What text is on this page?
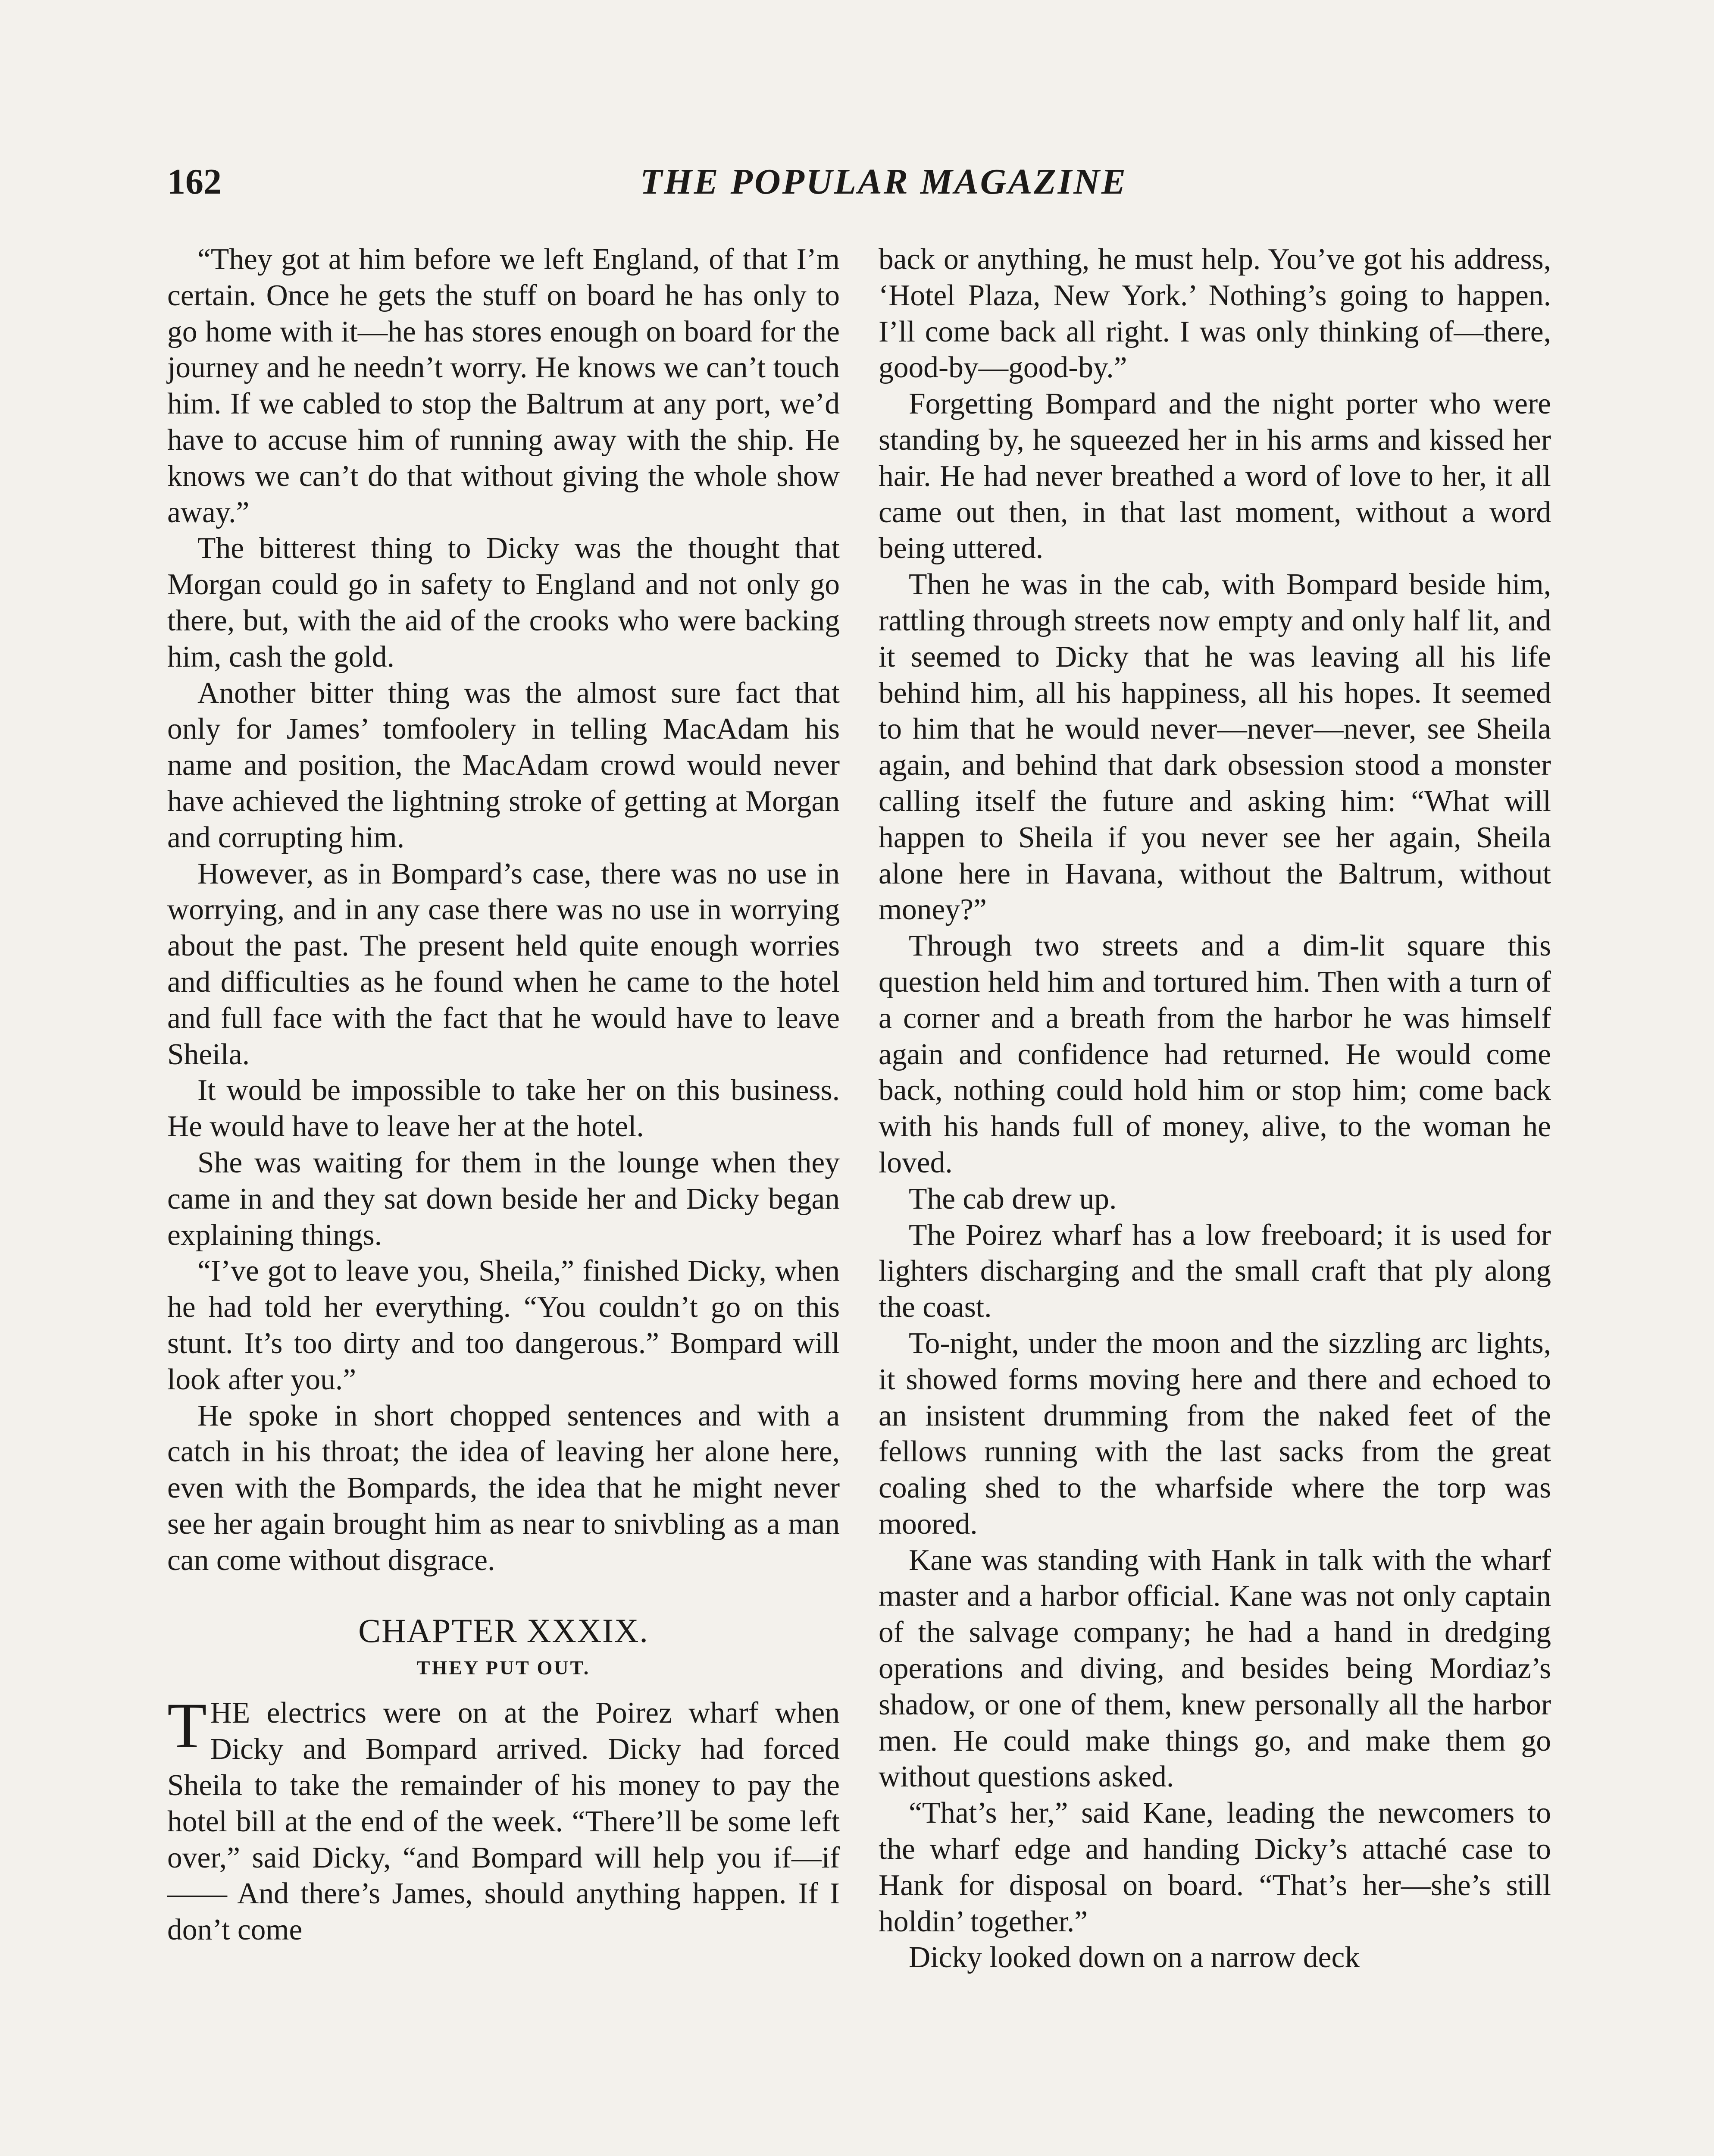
162	THE POPULAR MAGAZINE

“They got at him before we left England, of that I’m certain. Once he gets the stuff on board he has only to go home with it—he has stores enough on board for the journey and he needn’t worry. He knows we can’t touch him. If we cabled to stop the Baltrum at any port, we’d have to accuse him of running away with the ship. He knows we can’t do that without giving the whole show away.”

The bitterest thing to Dicky was the thought that Morgan could go in safety to England and not only go there, but, with the aid of the crooks who were backing him, cash the gold.

Another bitter thing was the almost sure fact that only for James’ tomfoolery in telling MacAdam his name and position, the MacAdam crowd would never have achieved the lightning stroke of getting at Morgan and corrupting him.

However, as in Bompard’s case, there was no use in worrying, and in any case there was no use in worrying about the past. The present held quite enough worries and difficulties as he found when he came to the hotel and full face with the fact that he would have to leave Sheila.

It would be impossible to take her on this business. He would have to leave her at the hotel.

She was waiting for them in the lounge when they came in and they sat down beside her and Dicky began explaining things.

“I’ve got to leave you, Sheila,” finished Dicky, when he had told her everything. “You couldn’t go on this stunt. It’s too dirty and too dangerous.” Bompard will look after you.”

He spoke in short chopped sentences and with a catch in his throat; the idea of leaving her alone here, even with the Bompards, the idea that he might never see her again brought him as near to snivbling as a man can come without disgrace.

CHAPTER XXXIX.
THEY PUT OUT.

THE electrics were on at the Poirez wharf when Dicky and Bompard arrived. Dicky had forced Sheila to take the remainder of his money to pay the hotel bill at the end of the week. “There’ll be some left over,” said Dicky, “and Bompard will help you if—if—— And there’s James, should anything happen. If I don’t come

back or anything, he must help. You’ve got his address, ‘Hotel Plaza, New York.’ Nothing’s going to happen. I’ll come back all right. I was only thinking of—there, good-by—good-by.”

Forgetting Bompard and the night porter who were standing by, he squeezed her in his arms and kissed her hair. He had never breathed a word of love to her, it all came out then, in that last moment, without a word being uttered.

Then he was in the cab, with Bompard beside him, rattling through streets now empty and only half lit, and it seemed to Dicky that he was leaving all his life behind him, all his happiness, all his hopes. It seemed to him that he would never—never—never, see Sheila again, and behind that dark obsession stood a monster calling itself the future and asking him: “What will happen to Sheila if you never see her again, Sheila alone here in Havana, without the Baltrum, without money?”

Through two streets and a dim-lit square this question held him and tortured him. Then with a turn of a corner and a breath from the harbor he was himself again and confidence had returned. He would come back, nothing could hold him or stop him; come back with his hands full of money, alive, to the woman he loved.

The cab drew up.

The Poirez wharf has a low freeboard; it is used for lighters discharging and the small craft that ply along the coast.

To-night, under the moon and the sizzling arc lights, it showed forms moving here and there and echoed to an insistent drumming from the naked feet of the fellows running with the last sacks from the great coaling shed to the wharfside where the torp was moored.

Kane was standing with Hank in talk with the wharf master and a harbor official. Kane was not only captain of the salvage company; he had a hand in dredging operations and diving, and besides being Mordiaz’s shadow, or one of them, knew personally all the harbor men. He could make things go, and make them go without questions asked.

“That’s her,” said Kane, leading the newcomers to the wharf edge and handing Dicky’s attaché case to Hank for disposal on board. “That’s her—she’s still holdin’ together.”

Dicky looked down on a narrow deck
